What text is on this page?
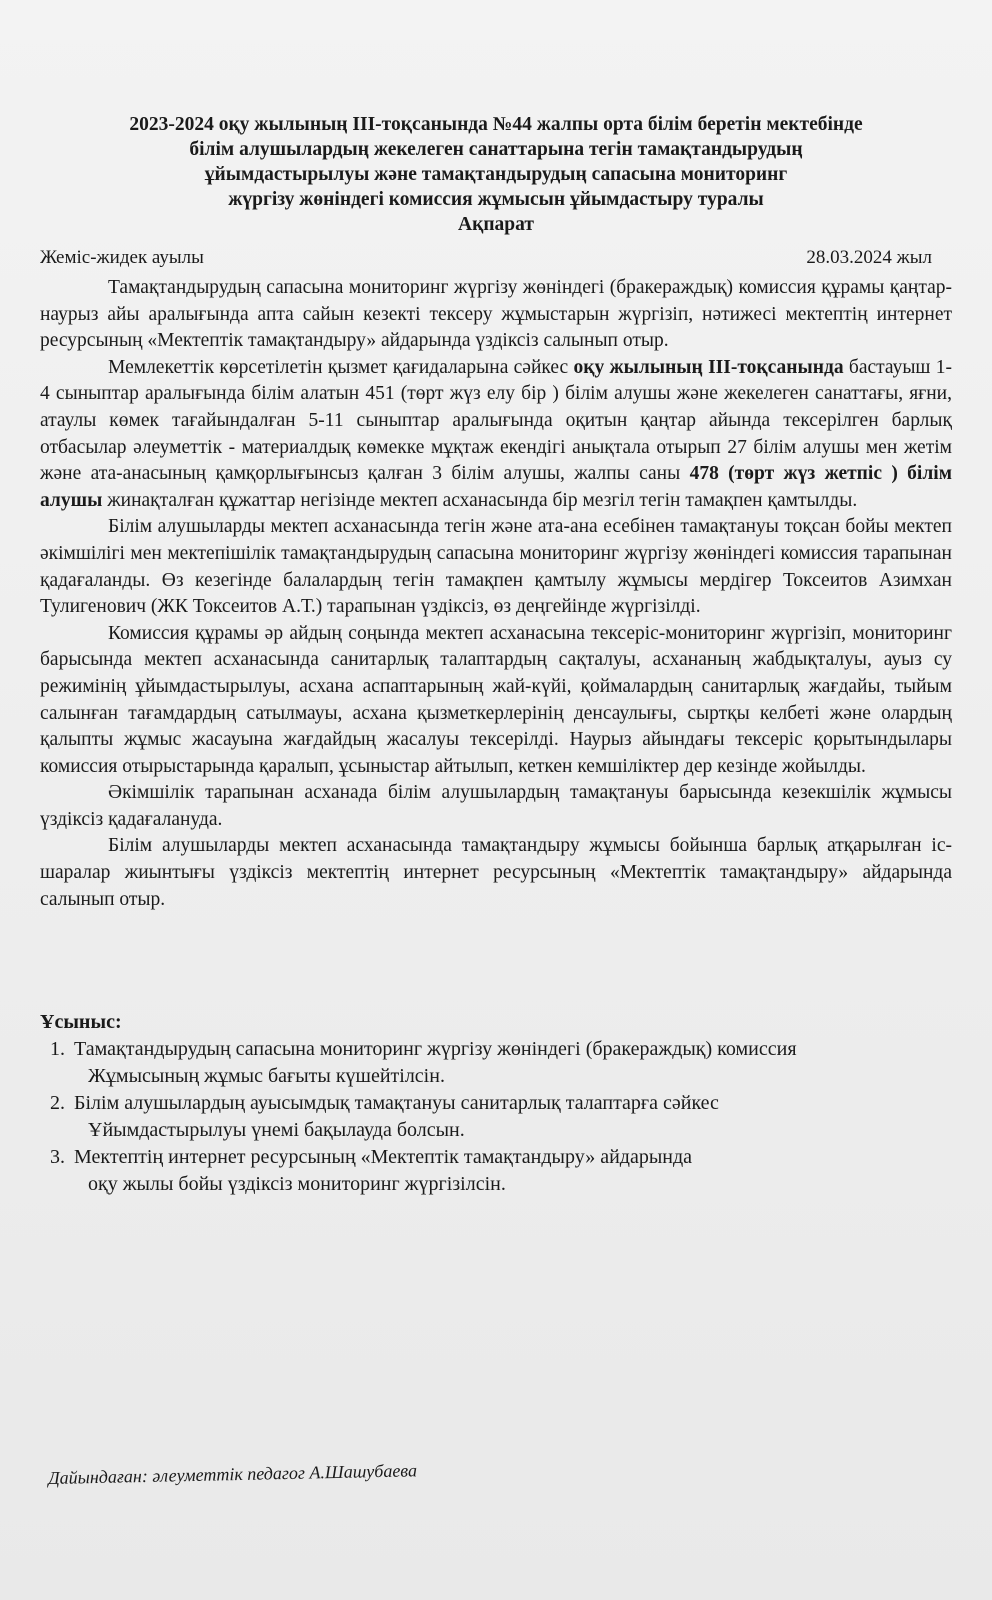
2023-2024 оқу жылының ІІІ-тоқсанында №44 жалпы орта білім беретін мектебінде
білім алушылардың жекелеген санаттарына тегін тамақтандырудың
ұйымдастырылуы және тамақтандырудың сапасына мониторинг
жүргізу жөніндегі комиссия жұмысын ұйымдастыру туралы
Ақпарат
Жеміс-жидек ауылы	28.03.2024 жыл

Тамақтандырудың сапасына мониторинг жүргізу жөніндегі (бракераждық) комиссия құрамы қаңтар-наурыз айы аралығында апта сайын кезекті тексеру жұмыстарын жүргізіп, нәтижесі мектептің интернет ресурсының «Мектептік тамақтандыру» айдарында үздіксіз салынып отыр.

Мемлекеттік көрсетілетін қызмет қағидаларына сәйкес оқу жылының ІІІ-тоқсанында бастауыш 1-4 сыныптар аралығында білім алатын 451 (төрт жүз елу бір ) білім алушы және жекелеген санаттағы, яғни, атаулы көмек тағайындалған 5-11 сыныптар аралығында оқитын қаңтар айында тексерілген барлық отбасылар әлеуметтік - материалдық көмекке мұқтаж екендігі анықтала отырып 27 білім алушы мен жетім және ата-анасының қамқорлығынсыз қалған 3 білім алушы, жалпы саны 478 (төрт жүз жетпіс ) білім алушы жинақталған құжаттар негізінде мектеп асханасында бір мезгіл тегін тамақпен қамтылды.

Білім алушыларды мектеп асханасында тегін және ата-ана есебінен тамақтануы тоқсан бойы мектеп әкімшілігі мен мектепішілік тамақтандырудың сапасына мониторинг жүргізу жөніндегі комиссия тарапынан қадағаланды. Өз кезегінде балалардың тегін тамақпен қамтылу жұмысы мердігер Токсеитов Азимхан Тулигенович (ЖК Токсеитов А.Т.) тарапынан үздіксіз, өз деңгейінде жүргізілді.

Комиссия құрамы әр айдың соңында мектеп асханасына тексеріс-мониторинг жүргізіп, мониторинг барысында мектеп асханасында санитарлық талаптардың сақталуы, асхананың жабдықталуы, ауыз су режимінің ұйымдастырылуы, асхана аспаптарының жай-күйі, қоймалардың санитарлық жағдайы, тыйым салынған тағамдардың сатылмауы, асхана қызметкерлерінің денсаулығы, сыртқы келбеті және олардың қалыпты жұмыс жасауына жағдайдың жасалуы тексерілді. Наурыз айындағы тексеріс қорытындылары комиссия отырыстарында қаралып, ұсыныстар айтылып, кеткен кемшіліктер дер кезінде жойылды.

Әкімшілік тарапынан асханада білім алушылардың тамақтануы барысында кезекшілік жұмысы үздіксіз қадағалануда.

Білім алушыларды мектеп асханасында тамақтандыру жұмысы бойынша барлық атқарылған іс-шаралар жиынтығы үздіксіз мектептің интернет ресурсының «Мектептік тамақтандыру» айдарында салынып отыр.

Ұсыныс:
1. Тамақтандырудың сапасына мониторинг жүргізу жөніндегі (бракераждық) комиссия
Жұмысының жұмыс бағыты күшейтілсін.
2. Білім алушылардың ауысымдық тамақтануы санитарлық талаптарға сәйкес
Ұйымдастырылуы үнемі бақылауда болсын.
3. Мектептің интернет ресурсының «Мектептік тамақтандыру» айдарында
оқу жылы бойы үздіксіз мониторинг жүргізілсін.
Дайындаған: әлеуметтік педагог А.Шашубаева
